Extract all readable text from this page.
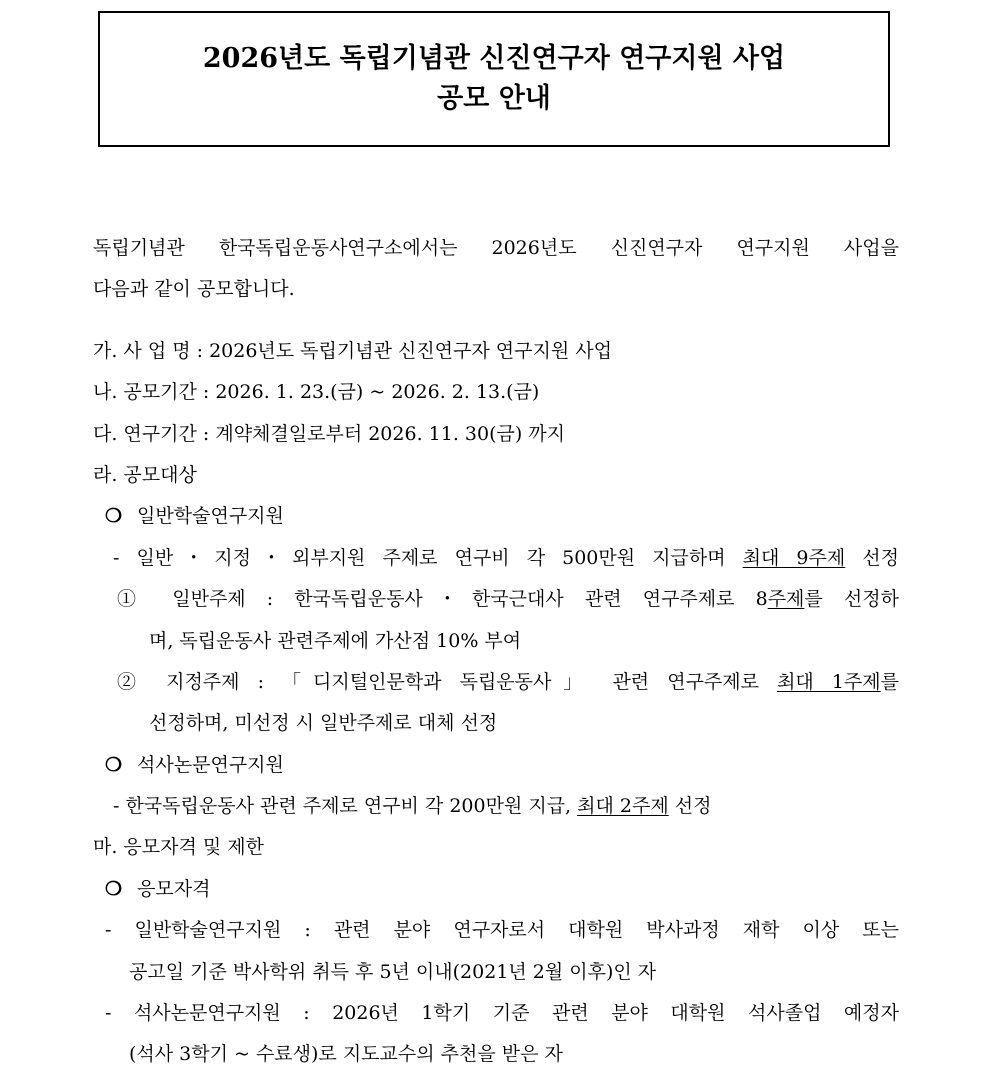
2026년도 독립기념관 신진연구자 연구지원 사업
공모 안내
독립기념관 한국독립운동사연구소에서는 2026년도 신진연구자 연구지원 사업을
다음과 같이 공모합니다.
가. 사 업 명 : 2026년도 독립기념관 신진연구자 연구지원 사업
나. 공모기간 : 2026. 1. 23.(금) ~ 2026. 2. 13.(금)
다. 연구기간 : 계약체결일로부터 2026. 11. 30(금) 까지
라. 공모대상
❍ 일반학술연구지원
- 일반・지정・외부지원 주제로 연구비 각 500만원 지급하며 최대 9주제 선정
① 일반주제 : 한국독립운동사・한국근대사 관련 연구주제로 8주제를 선정하
며, 독립운동사 관련주제에 가산점 10% 부여
② 지정주제 : 「디지털인문학과 독립운동사」 관련 연구주제로 최대 1주제를
선정하며, 미선정 시 일반주제로 대체 선정
❍ 석사논문연구지원
- 한국독립운동사 관련 주제로 연구비 각 200만원 지급, 최대 2주제 선정
마. 응모자격 및 제한
❍ 응모자격
- 일반학술연구지원 : 관련 분야 연구자로서 대학원 박사과정 재학 이상 또는
공고일 기준 박사학위 취득 후 5년 이내(2021년 2월 이후)인 자
- 석사논문연구지원 : 2026년 1학기 기준 관련 분야 대학원 석사졸업 예정자
(석사 3학기 ~ 수료생)로 지도교수의 추천을 받은 자
